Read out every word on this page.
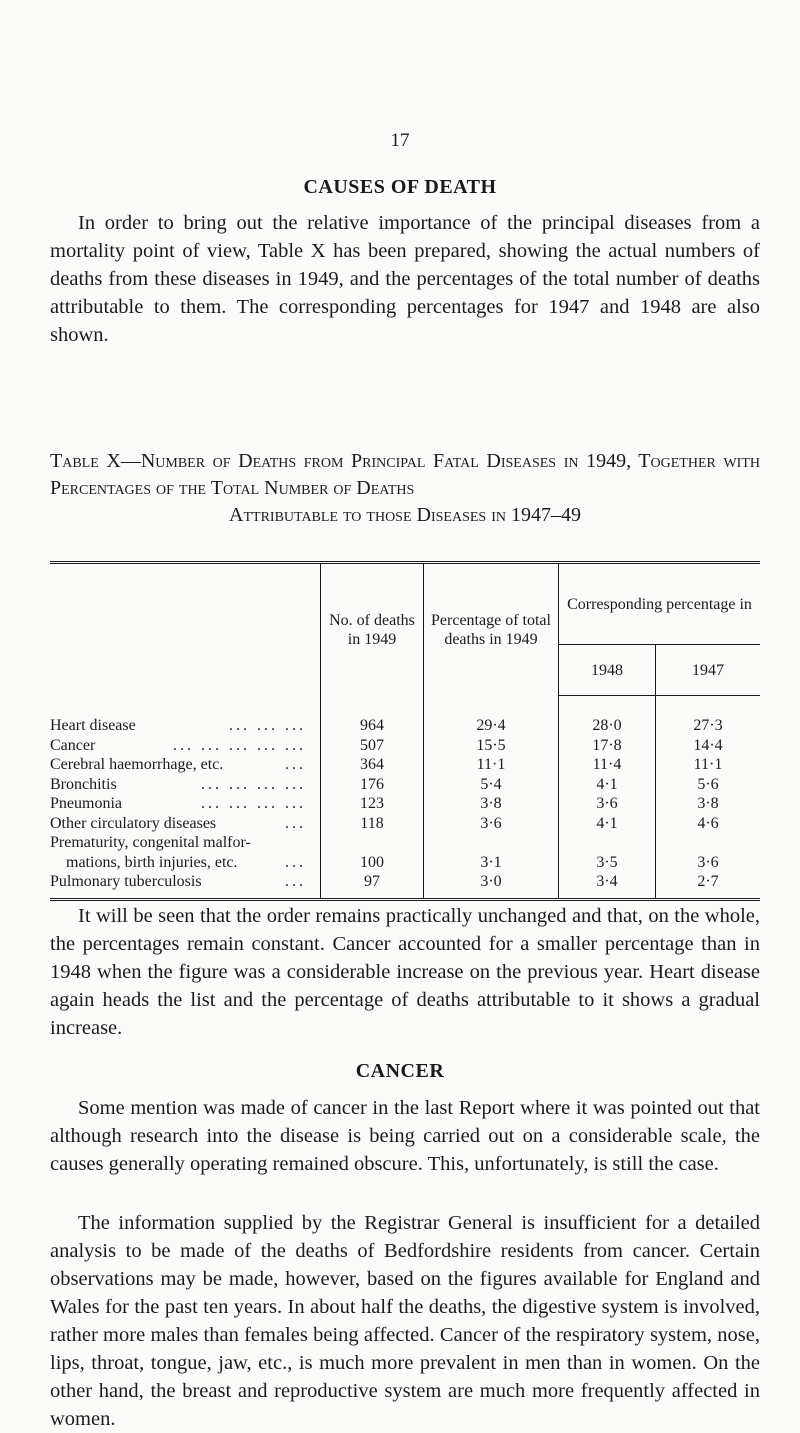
17
CAUSES OF DEATH

In order to bring out the relative importance of the principal diseases from a mortality point of view, Table X has been prepared, showing the actual numbers of deaths from these diseases in 1949, and the percentages of the total number of deaths attributable to them. The corresponding percentages for 1947 and 1948 are also shown.

Table X—Number of Deaths from Principal Fatal Diseases in 1949, Together with Percentages of the Total Number of Deaths
Attributable to those Diseases in 1947–49

	No. of deaths in 1949	Percentage of total deaths in 1949	Corresponding percentage in	
			1948	1947

Heart disease ... ... ...	964	29·4	28·0	27·3

Cancer ... ... ... ... ...	507	15·5	17·8	14·4

Cerebral haemorrhage, etc. ...	364	11·1	11·4	11·1

Bronchitis ... ... ... ...	176	5·4	4·1	5·6

Pneumonia ... ... ... ...	123	3·8	3·6	3·8

Other circulatory diseases ...	118	3·6	4·1	4·6

Prematurity, congenital malfor-				

mations, birth injuries, etc. ...	100	3·1	3·5	3·6

Pulmonary tuberculosis ...	97	3·0	3·4	2·7

It will be seen that the order remains practically unchanged and that, on the whole, the percentages remain constant. Cancer accounted for a smaller percentage than in 1948 when the figure was a considerable increase on the previous year. Heart disease again heads the list and the percentage of deaths attributable to it shows a gradual increase.

CANCER

Some mention was made of cancer in the last Report where it was pointed out that although research into the disease is being carried out on a considerable scale, the causes generally operating remained obscure. This, unfortunately, is still the case.

The information supplied by the Registrar General is insufficient for a detailed analysis to be made of the deaths of Bedfordshire residents from cancer. Certain observations may be made, however, based on the figures available for England and Wales for the past ten years. In about half the deaths, the digestive system is involved, rather more males than females being affected. Cancer of the respiratory system, nose, lips, throat, tongue, jaw, etc., is much more prevalent in men than in women. On the other hand, the breast and reproductive system are much more frequently affected in women.
